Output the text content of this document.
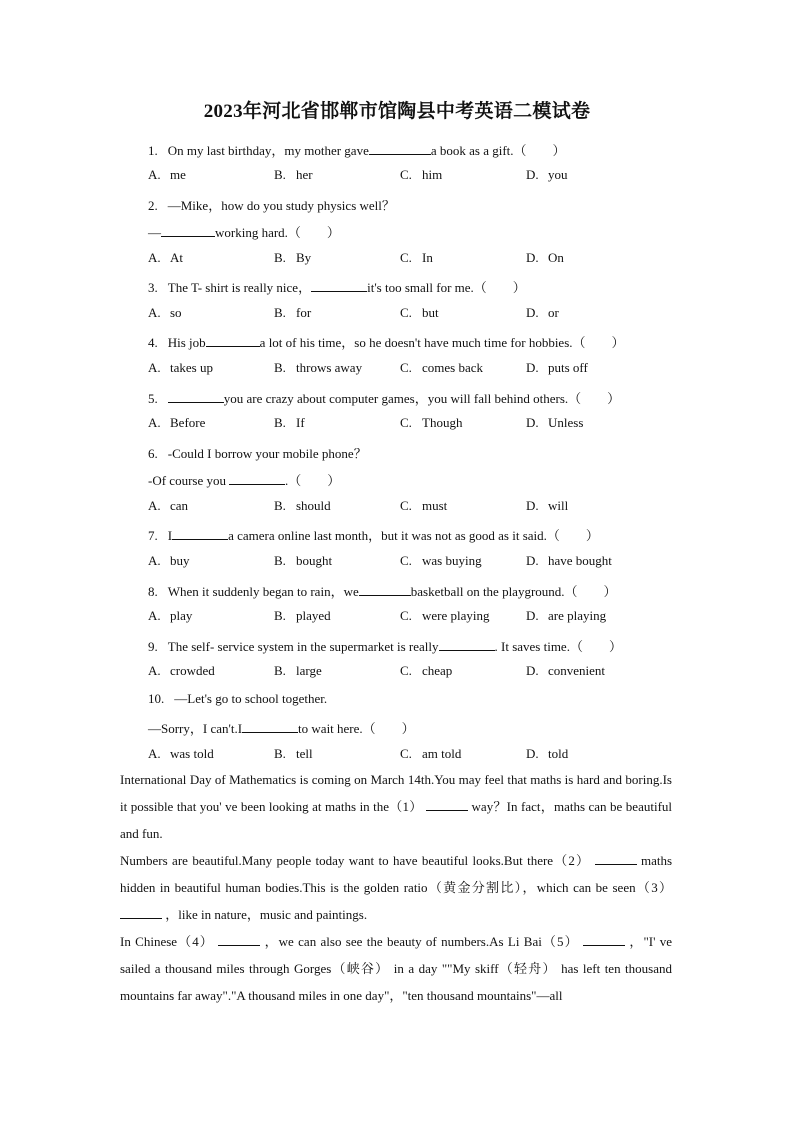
2023年河北省邯郸市馆陶县中考英语二模试卷
1. On my last birthday，my mother gave	a book as a gift.（　　）
A. me	B. her	C. him	D. you
2. —Mike，how do you study physics well？
—	working hard.（　　）
A. At	B. By	C. In	D. On
3. The T- shirt is really nice，	it's too small for me.（　　）
A. so	B. for	C. but	D. or
4. His job	a lot of his time，so he doesn't have much time for hobbies.（　　）
A. takes up	B. throws away	C. comes back	D. puts off
5.	you are crazy about computer games，you will fall behind others.（　　）
A. Before	B. If	C. Though	D. Unless
6. -Could I borrow your mobile phone？
-Of course you	.（　　）
A. can	B. should	C. must	D. will
7. I	a camera online last month，but it was not as good as it said.（　　）
A. buy	B. bought	C. was buying	D. have bought
8. When it suddenly began to rain，we	basketball on the playground.（　　）
A. play	B. played	C. were playing	D. are playing
9. The self- service system in the supermarket is really	. It saves time.（　　）
A. crowded	B. large	C. cheap	D. convenient
10. —Let's go to school together.
—Sorry，I can't.I	to wait here.（　　）
A. was told	B. tell	C. am told	D. told

International Day of Mathematics is coming on March 14th.You may feel that maths is hard and boring.Is it possible that you' ve been looking at maths in the（1）	way？In fact，maths can be beautiful and fun.

Numbers are beautiful.Many people today want to have beautiful looks.But there（2）	maths hidden in beautiful human bodies.This is the golden ratio（黄金分割比），which can be seen（3）  ，like in nature，music and paintings.

In Chinese（4）	，we can also see the beauty of numbers.As Li Bai（5）	，"I' ve sailed a thousand miles through Gorges（峡谷） in a day ""My skiff（轻舟） has left ten thousand mountains far away"."A thousand miles in one day"，"ten thousand mountains"—all
